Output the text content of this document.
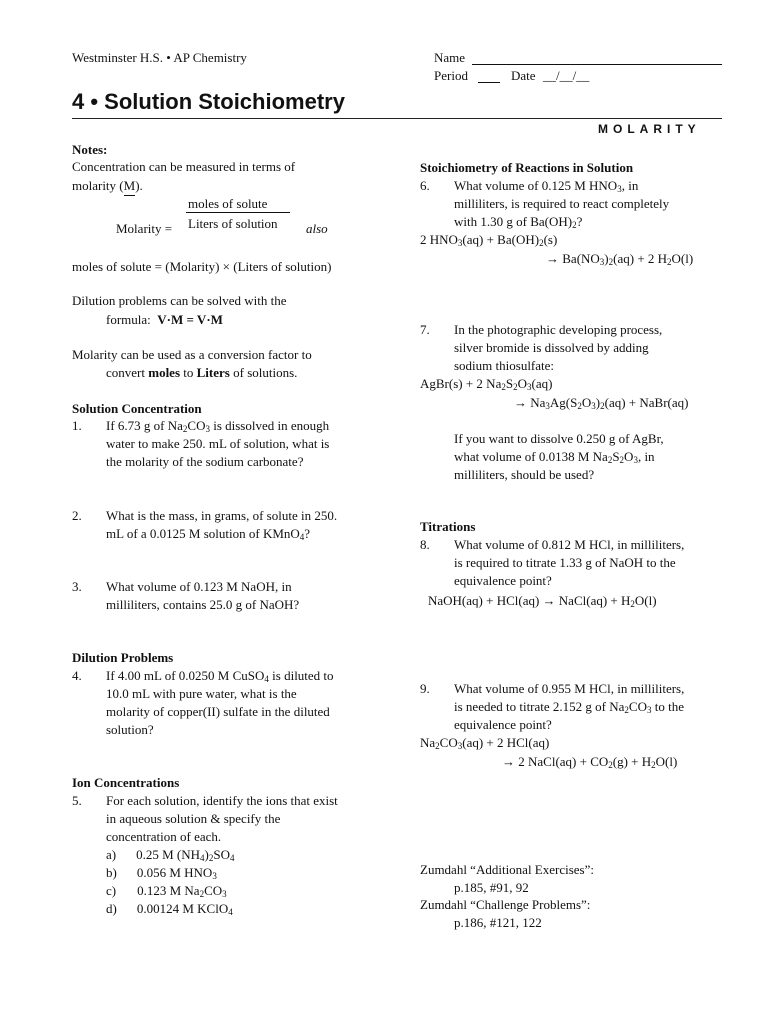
Westminster H.S. • AP Chemistry	Name
Period	Date __/__/__
4 • Solution Stoichiometry
MOLARITY
Notes:
Concentration can be measured in terms of
molarity (M).
moles of solute
Liters of solution
Molarity =	also
moles of solute = (Molarity) × (Liters of solution)
Dilution problems can be solved with the
formula: V·M = V·M
Molarity can be used as a conversion factor to
convert moles to Liters of solutions.
Solution Concentration
1. If 6.73 g of $Na_2CO_3$ is dissolved in enough
water to make 250. mL of solution, what is
the molarity of the sodium carbonate?
2. What is the mass, in grams, of solute in 250.
mL of a 0.0125 M solution of KMnO$_4$?
3. What volume of 0.123 M NaOH, in
milliliters, contains 25.0 g of NaOH?
Dilution Problems
4. If 4.00 mL of 0.0250 M CuSO$_4$ is diluted to
10.0 mL with pure water, what is the
molarity of copper(II) sulfate in the diluted
solution?
Ion Concentrations
5. For each solution, identify the ions that exist
in aqueous solution & specify the
concentration of each.
a) 0.25 M $(NH_4)_2SO_4$
b) 0.056 M $HNO_3$
c) 0.123 M $Na_2CO_3$
d) 0.00124 M KClO$_4$
Stoichiometry of Reactions in Solution
6. What volume of 0.125 M $HNO_3$, in
milliliters, is required to react completely
with 1.30 g of $Ba(OH)_2$?
2 $HNO_3(aq) + Ba(OH)_2(s)$
→ $Ba(NO_3)_2(aq) + 2$ $H_2O(l)$
7. In the photographic developing process,
silver bromide is dissolved by adding
sodium thiosulfate:
AgBr(s) + 2 $Na_2S_2O_3(aq)$
→ $Na_3Ag(S_2O_3)_2(aq)$ + NaBr(aq)
If you want to dissolve 0.250 g of AgBr,
what volume of 0.0138 M $Na_2S_2O_3$, in
milliliters, should be used?
Titrations
8. What volume of 0.812 M HCl, in milliliters,
is required to titrate 1.33 g of NaOH to the
equivalence point?
NaOH(aq) + HCl(aq) → NaCl(aq) + $H_2O(l)$
9. What volume of 0.955 M HCl, in milliliters,
is needed to titrate 2.152 g of $Na_2CO_3$ to the
equivalence point?
$Na_2CO_3(aq) + 2$ HCl(aq)
→ 2 NaCl(aq) + $CO_2(g) + H_2O(l)$
Zumdahl “Additional Exercises”:
p.185, #91, 92
Zumdahl “Challenge Problems”:
p.186, #121, 122
